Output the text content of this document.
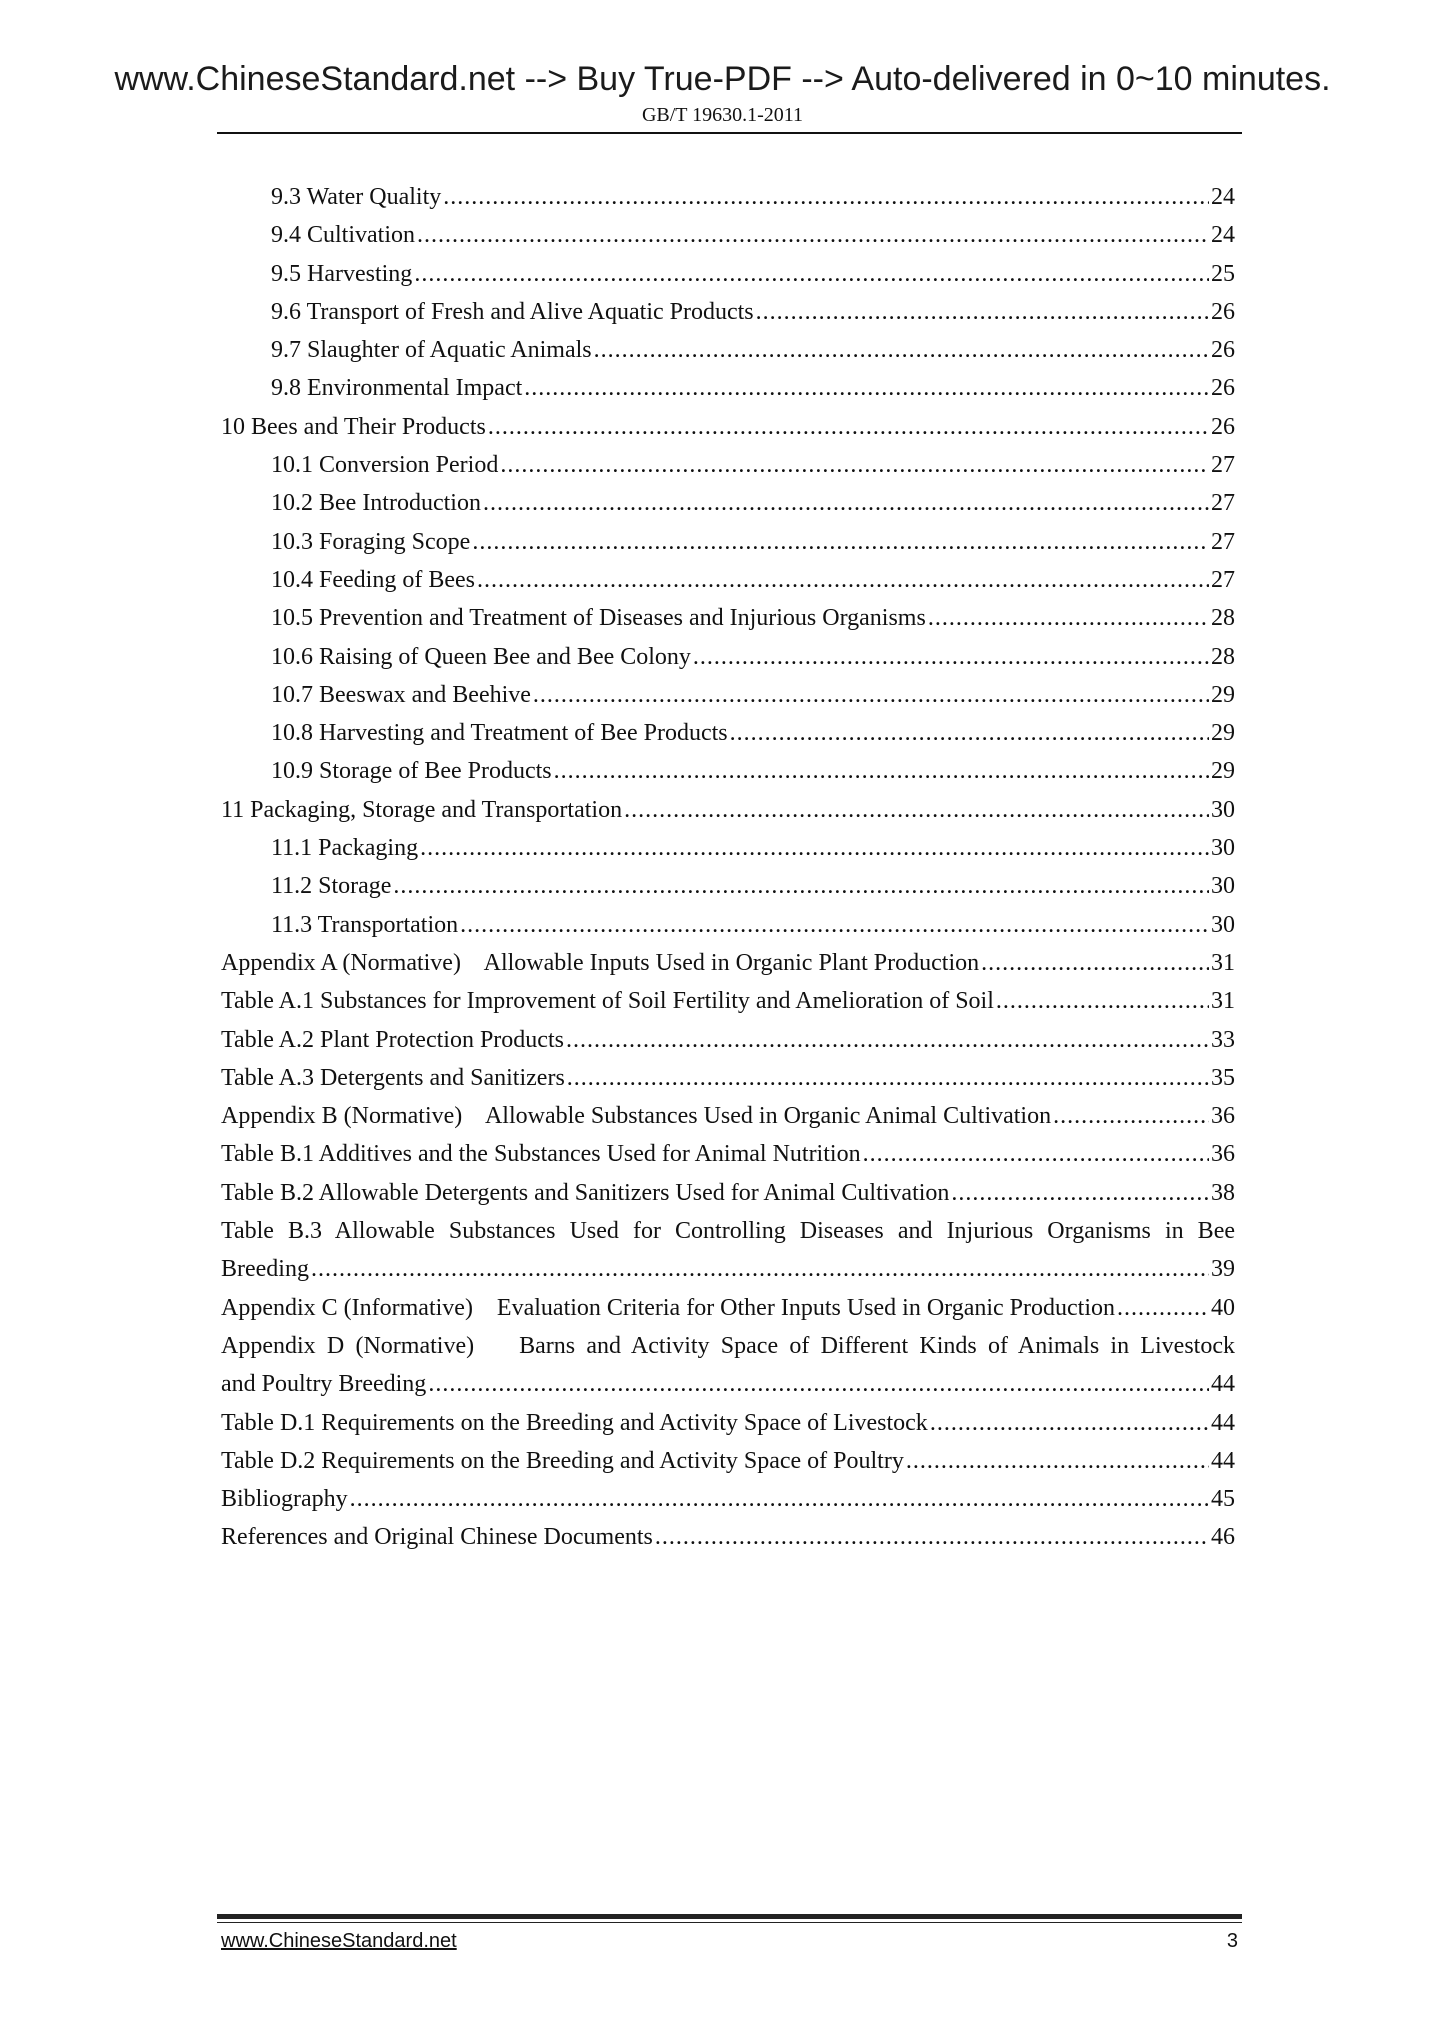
www.ChineseStandard.net --> Buy True-PDF --> Auto-delivered in 0~10 minutes.
GB/T 19630.1-2011
9.3 Water Quality .....	24
9.4 Cultivation .....	24
9.5 Harvesting .....	25
9.6 Transport of Fresh and Alive Aquatic Products .....	26
9.7 Slaughter of Aquatic Animals .....	26
9.8 Environmental Impact .....	26
10 Bees and Their Products .....	26
10.1 Conversion Period .....	27
10.2 Bee Introduction .....	27
10.3 Foraging Scope .....	27
10.4 Feeding of Bees .....	27
10.5 Prevention and Treatment of Diseases and Injurious Organisms .....	28
10.6 Raising of Queen Bee and Bee Colony .....	28
10.7 Beeswax and Beehive .....	29
10.8 Harvesting and Treatment of Bee Products .....	29
10.9 Storage of Bee Products .....	29
11 Packaging, Storage and Transportation .....	30
11.1 Packaging .....	30
11.2 Storage .....	30
11.3 Transportation .....	30
Appendix A (Normative)    Allowable Inputs Used in Organic Plant Production .....	31
Table A.1 Substances for Improvement of Soil Fertility and Amelioration of Soil .....	31
Table A.2 Plant Protection Products .....	33
Table A.3 Detergents and Sanitizers .....	35
Appendix B (Normative)    Allowable Substances Used in Organic Animal Cultivation .....	36
Table B.1 Additives and the Substances Used for Animal Nutrition .....	36
Table B.2 Allowable Detergents and Sanitizers Used for Animal Cultivation .....	38
Table B.3 Allowable Substances Used for Controlling Diseases and Injurious Organisms in Bee
Breeding .....	39
Appendix C (Informative)    Evaluation Criteria for Other Inputs Used in Organic Production .....	40
Appendix D (Normative)    Barns and Activity Space of Different Kinds of Animals in Livestock
and Poultry Breeding .....	44
Table D.1 Requirements on the Breeding and Activity Space of Livestock .....	44
Table D.2 Requirements on the Breeding and Activity Space of Poultry .....	44
Bibliography .....	45
References and Original Chinese Documents .....	46
www.ChineseStandard.net	3
